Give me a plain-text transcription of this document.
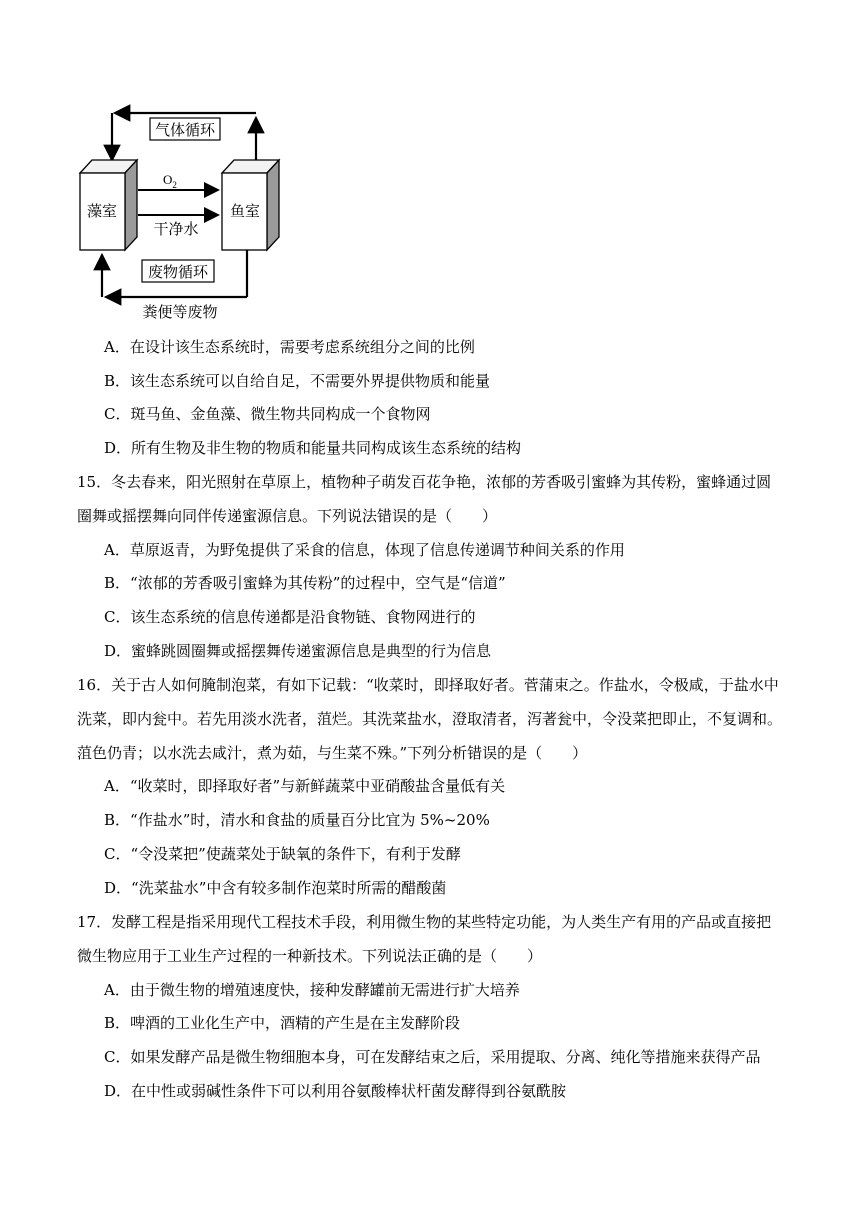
气体循环
藻室	鱼室
$O_2$
干净水
废物循环
粪便等废物
A．在设计该生态系统时，需要考虑系统组分之间的比例
B．该生态系统可以自给自足，不需要外界提供物质和能量
C．斑马鱼、金鱼藻、微生物共同构成一个食物网
D．所有生物及非生物的物质和能量共同构成该生态系统的结构
15．冬去春来，阳光照射在草原上，植物种子萌发百花争艳，浓郁的芳香吸引蜜蜂为其传粉，蜜蜂通过圆
圈舞或摇摆舞向同伴传递蜜源信息。下列说法错误的是（　　）
A．草原返青，为野兔提供了采食的信息，体现了信息传递调节种间关系的作用
B．“浓郁的芳香吸引蜜蜂为其传粉”的过程中，空气是“信道”
C．该生态系统的信息传递都是沿食物链、食物网进行的
D．蜜蜂跳圆圈舞或摇摆舞传递蜜源信息是典型的行为信息
16．关于古人如何腌制泡菜，有如下记载：“收菜时，即择取好者。菅蒲束之。作盐水，令极咸，于盐水中
洗菜，即内瓮中。若先用淡水洗者，菹烂。其洗菜盐水，澄取清者，泻著瓮中，令没菜把即止，不复调和。
菹色仍青；以水洗去咸汁，煮为茹，与生菜不殊。”下列分析错误的是（　　）
A．“收菜时，即择取好者”与新鲜蔬菜中亚硝酸盐含量低有关
B．“作盐水”时，清水和食盐的质量百分比宜为 5%~20%
C．“令没菜把”使蔬菜处于缺氧的条件下，有利于发酵
D．“洗菜盐水”中含有较多制作泡菜时所需的醋酸菌
17．发酵工程是指采用现代工程技术手段，利用微生物的某些特定功能，为人类生产有用的产品或直接把
微生物应用于工业生产过程的一种新技术。下列说法正确的是（　　）
A．由于微生物的增殖速度快，接种发酵罐前无需进行扩大培养
B．啤酒的工业化生产中，酒精的产生是在主发酵阶段
C．如果发酵产品是微生物细胞本身，可在发酵结束之后，采用提取、分离、纯化等措施来获得产品
D．在中性或弱碱性条件下可以利用谷氨酸棒状杆菌发酵得到谷氨酰胺
